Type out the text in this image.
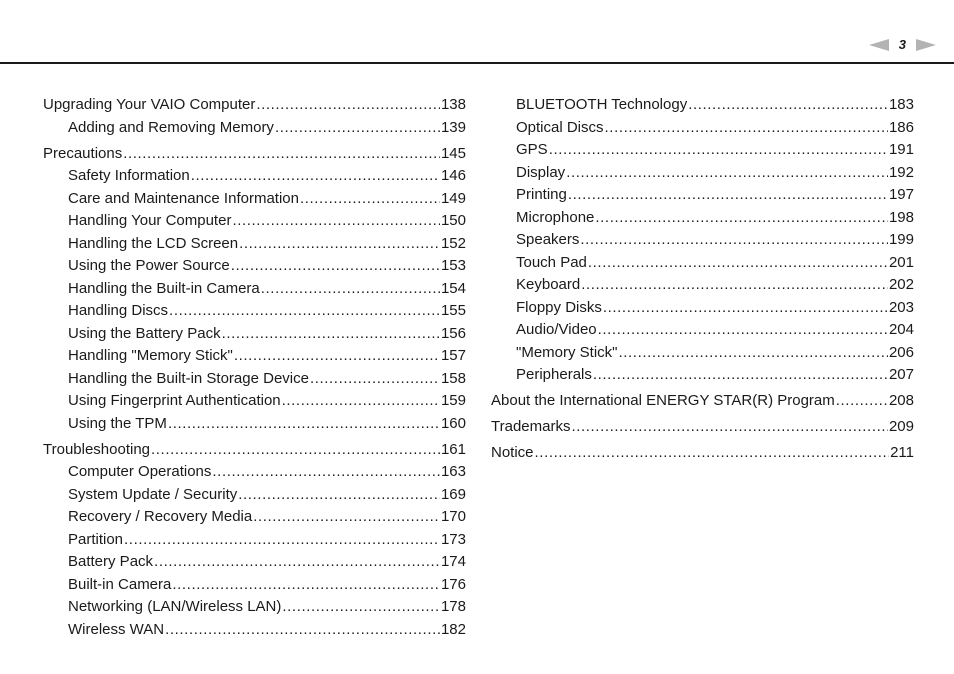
3
Upgrading Your VAIO Computer .....	138
Adding and Removing Memory .....	139
Precautions .....	145
Safety Information .....	146
Care and Maintenance Information .....	149
Handling Your Computer .....	150
Handling the LCD Screen .....	152
Using the Power Source .....	153
Handling the Built-in Camera .....	154
Handling Discs .....	155
Using the Battery Pack .....	156
Handling "Memory Stick" .....	157
Handling the Built-in Storage Device .....	158
Using Fingerprint Authentication .....	159
Using the TPM .....	160
Troubleshooting .....	161
Computer Operations .....	163
System Update / Security .....	169
Recovery / Recovery Media .....	170
Partition .....	173
Battery Pack .....	174
Built-in Camera .....	176
Networking (LAN/Wireless LAN) .....	178
Wireless WAN .....	182
BLUETOOTH Technology .....	183
Optical Discs .....	186
GPS .....	191
Display .....	192
Printing .....	197
Microphone .....	198
Speakers .....	199
Touch Pad .....	201
Keyboard .....	202
Floppy Disks .....	203
Audio/Video .....	204
"Memory Stick" .....	206
Peripherals .....	207
About the International ENERGY STAR(R) Program .....	208
Trademarks .....	209
Notice .....	211
